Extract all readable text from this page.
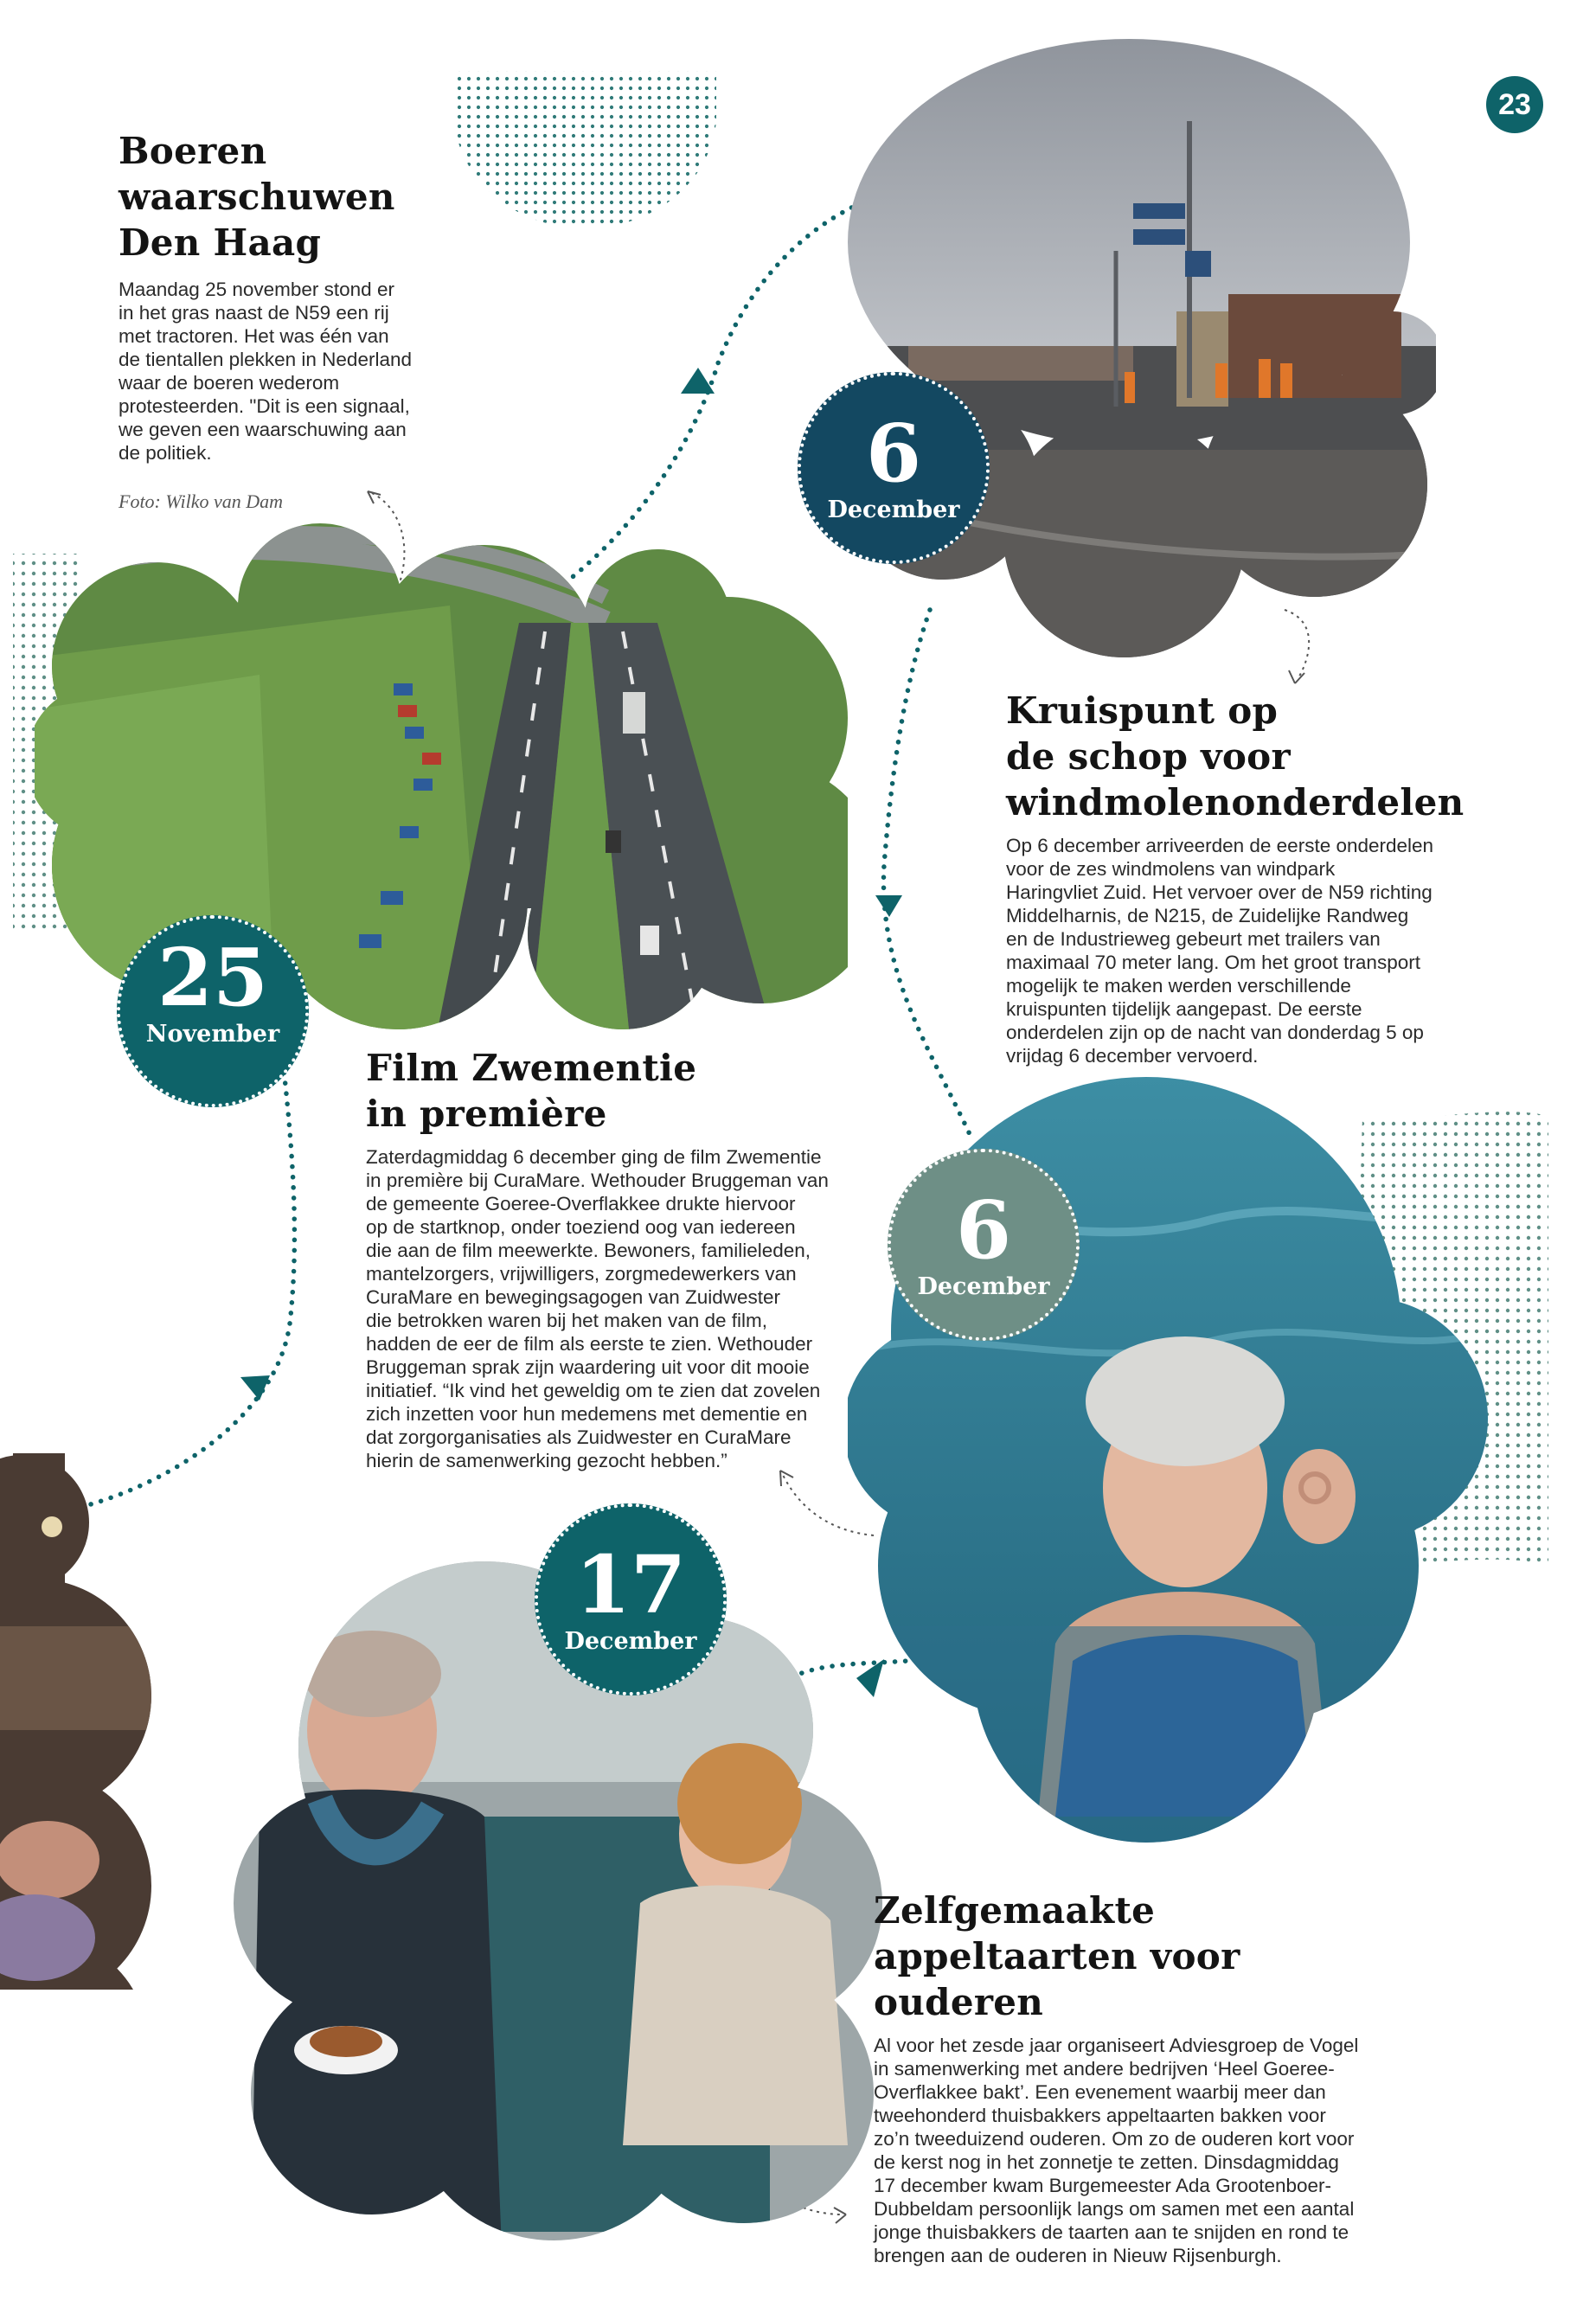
25
November
6
December
6
December
17
December
23
Boeren
waarschuwen
Den Haag

Maandag 25 november stond er
in het gras naast de N59 een rij
met tractoren. Het was één van
de tientallen plekken in Nederland
waar de boeren wederom
protesteerden. "Dit is een signaal,
we geven een waarschuwing aan
de politiek.

Foto: Wilko van Dam
Kruispunt op
de schop voor
windmolenonderdelen

Op 6 december arriveerden de eerste onderdelen
voor de zes windmolens van windpark
Haringvliet Zuid. Het vervoer over de N59 richting
Middelharnis, de N215, de Zuidelijke Randweg
en de Industrieweg gebeurt met trailers van
maximaal 70 meter lang. Om het groot transport
mogelijk te maken werden verschillende
kruispunten tijdelijk aangepast. De eerste
onderdelen zijn op de nacht van donderdag 5 op
vrijdag 6 december vervoerd.

Film Zwementie
in première

Zaterdagmiddag 6 december ging de film Zwementie
in première bij CuraMare. Wethouder Bruggeman van
de gemeente Goeree-Overflakkee drukte hiervoor
op de startknop, onder toeziend oog van iedereen
die aan de film meewerkte. Bewoners, familieleden,
mantelzorgers, vrijwilligers, zorgmedewerkers van
CuraMare en bewegingsagogen van Zuidwester
die betrokken waren bij het maken van de film,
hadden de eer de film als eerste te zien. Wethouder
Bruggeman sprak zijn waardering uit voor dit mooie
initiatief. “Ik vind het geweldig om te zien dat zovelen
zich inzetten voor hun medemens met dementie en
dat zorgorganisaties als Zuidwester en CuraMare
hierin de samenwerking gezocht hebben.”

Zelfgemaakte
appeltaarten voor ouderen

Al voor het zesde jaar organiseert Adviesgroep de Vogel
in samenwerking met andere bedrijven ‘Heel Goeree-
Overflakkee bakt’. Een evenement waarbij meer dan
tweehonderd thuisbakkers appeltaarten bakken voor
zo’n tweeduizend ouderen. Om zo de ouderen kort voor
de kerst nog in het zonnetje te zetten. Dinsdagmiddag
17 december kwam Burgemeester Ada Grootenboer-
Dubbeldam persoonlijk langs om samen met een aantal
jonge thuisbakkers de taarten aan te snijden en rond te
brengen aan de ouderen in Nieuw Rijsenburgh.
